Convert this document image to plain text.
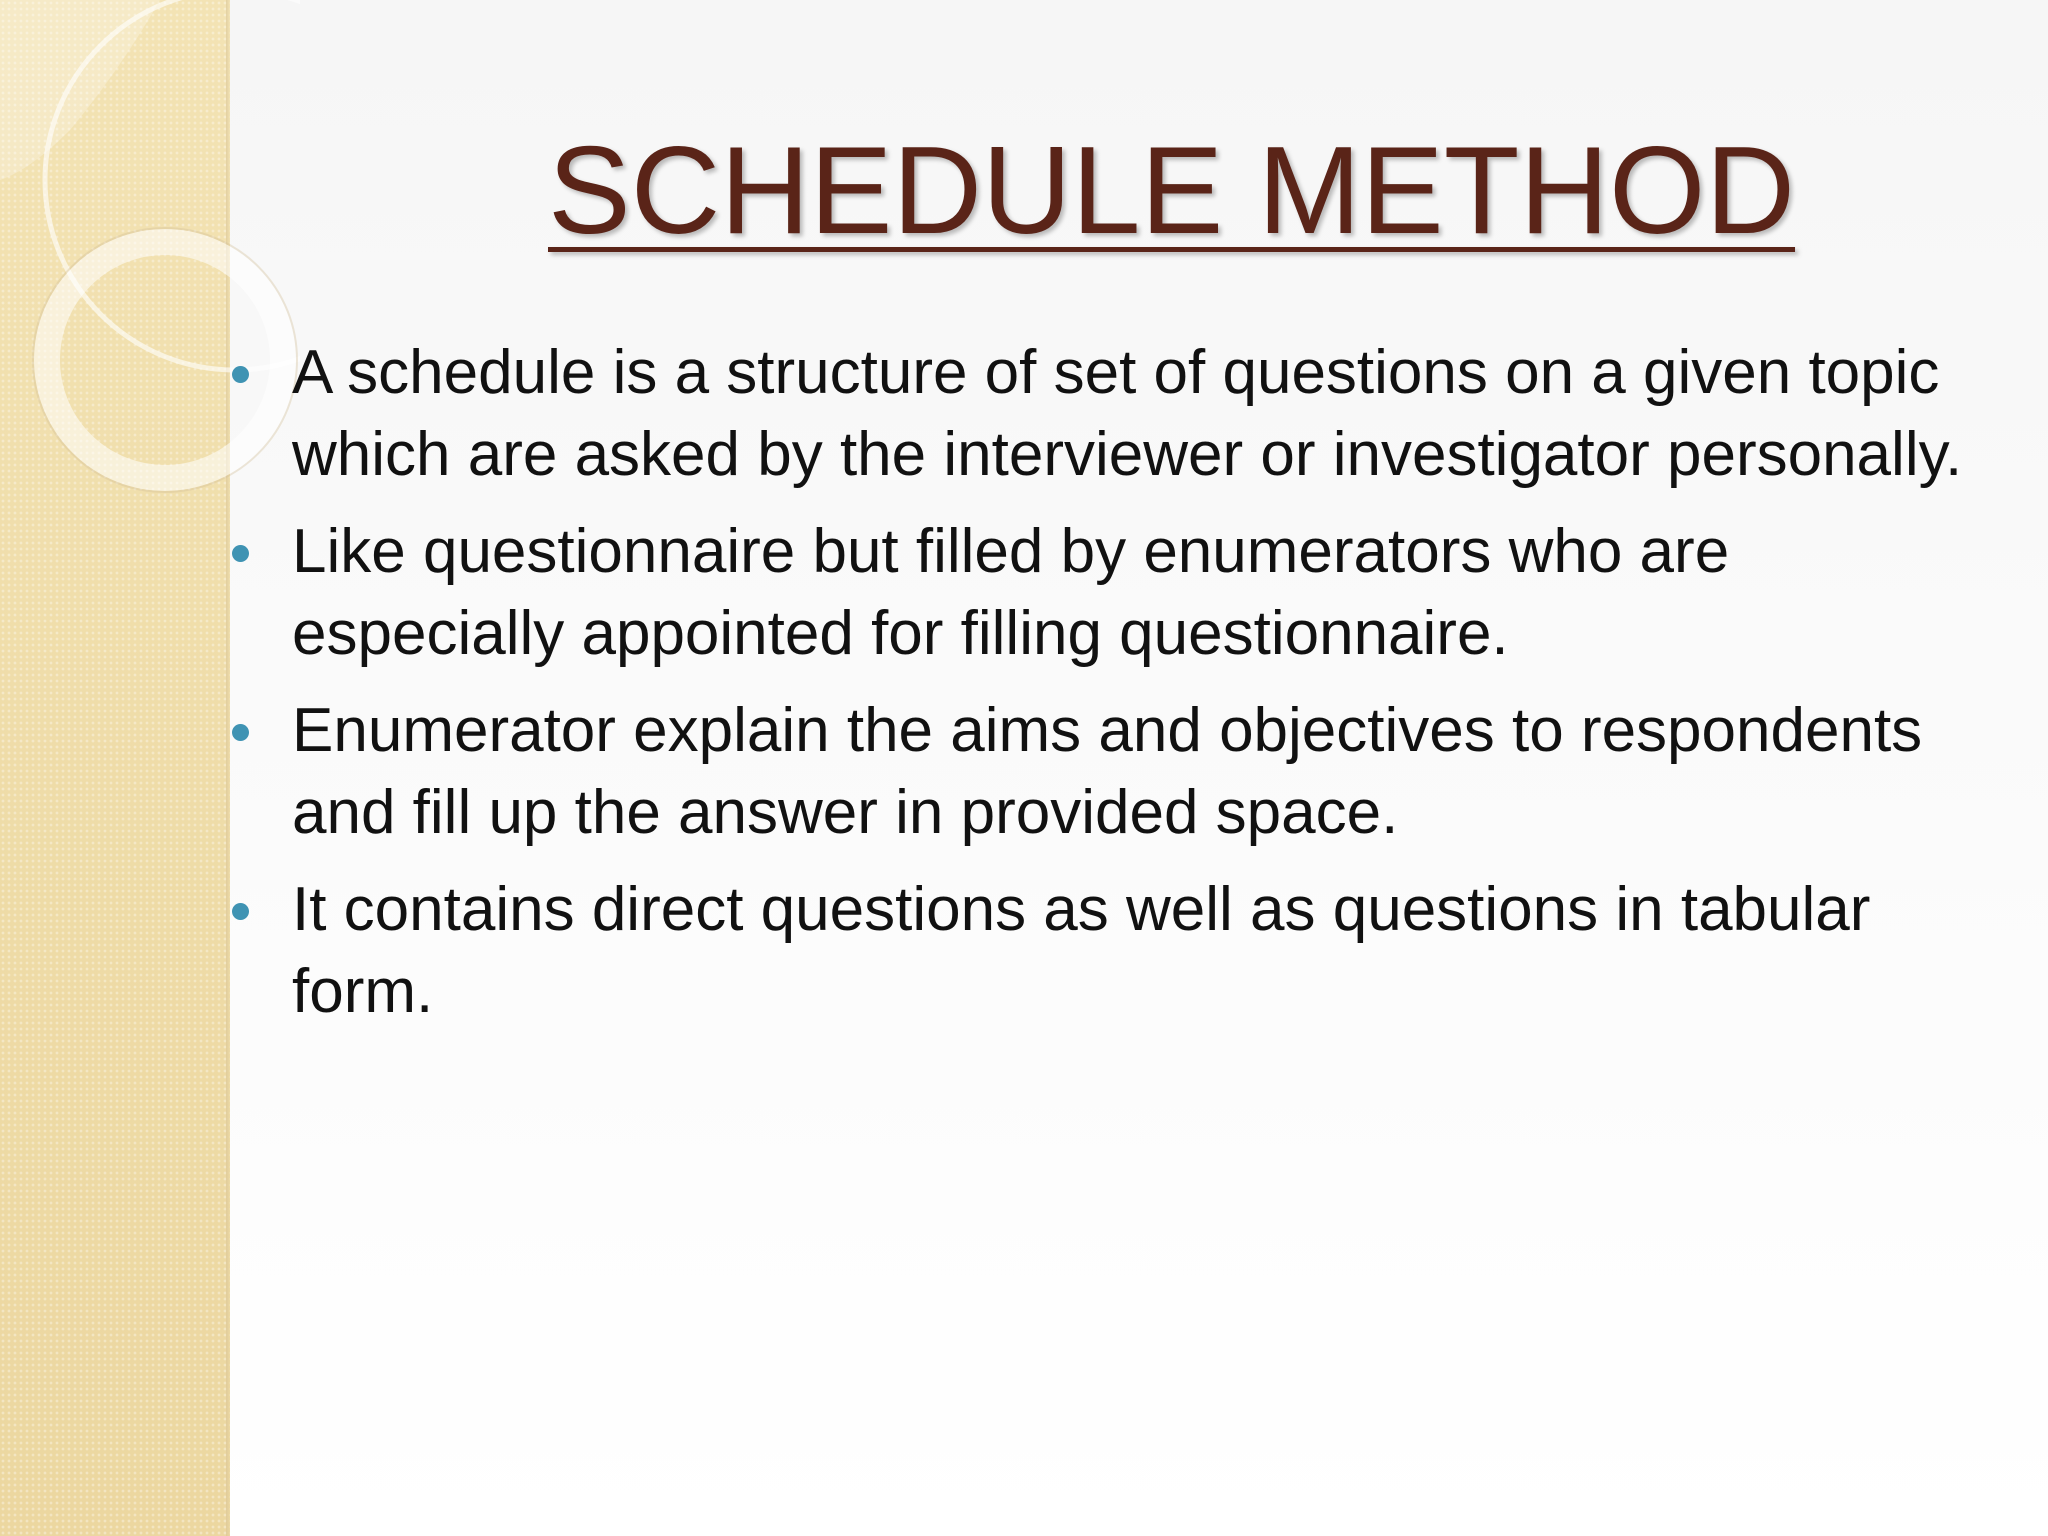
SCHEDULE METHOD
A schedule is a structure of set of questions on a given topic which are asked by the interviewer or investigator personally.
Like questionnaire but filled by enumerators who are especially appointed for filling questionnaire.
Enumerator explain the aims and objectives to respondents and fill up the answer in provided space.
It contains direct questions as well as questions in tabular form.
